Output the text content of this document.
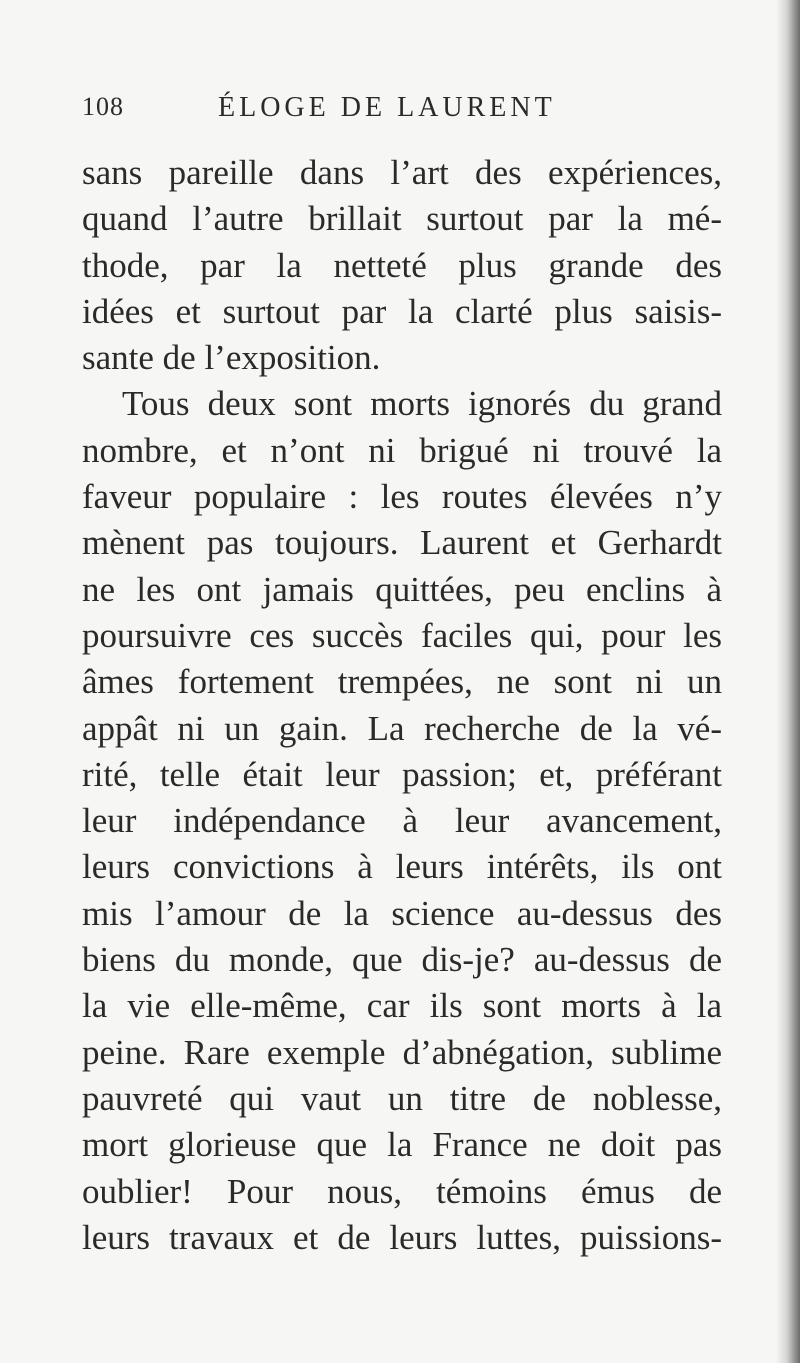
108	ÉLOGE DE LAURENT
sans pareille dans l’art des expériences,
quand l’autre brillait surtout par la mé-
thode, par la netteté plus grande des
idées et surtout par la clarté plus saisis-
sante de l’exposition.
Tous deux sont morts ignorés du grand
nombre, et n’ont ni brigué ni trouvé la
faveur populaire : les routes élevées n’y
mènent pas toujours. Laurent et Gerhardt
ne les ont jamais quittées, peu enclins à
poursuivre ces succès faciles qui, pour les
âmes fortement trempées, ne sont ni un
appât ni un gain. La recherche de la vé-
rité, telle était leur passion; et, préférant
leur indépendance à leur avancement,
leurs convictions à leurs intérêts, ils ont
mis l’amour de la science au-dessus des
biens du monde, que dis-je? au-dessus de
la vie elle-même, car ils sont morts à la
peine. Rare exemple d’abnégation, sublime
pauvreté qui vaut un titre de noblesse,
mort glorieuse que la France ne doit pas
oublier! Pour nous, témoins émus de
leurs travaux et de leurs luttes, puissions-
